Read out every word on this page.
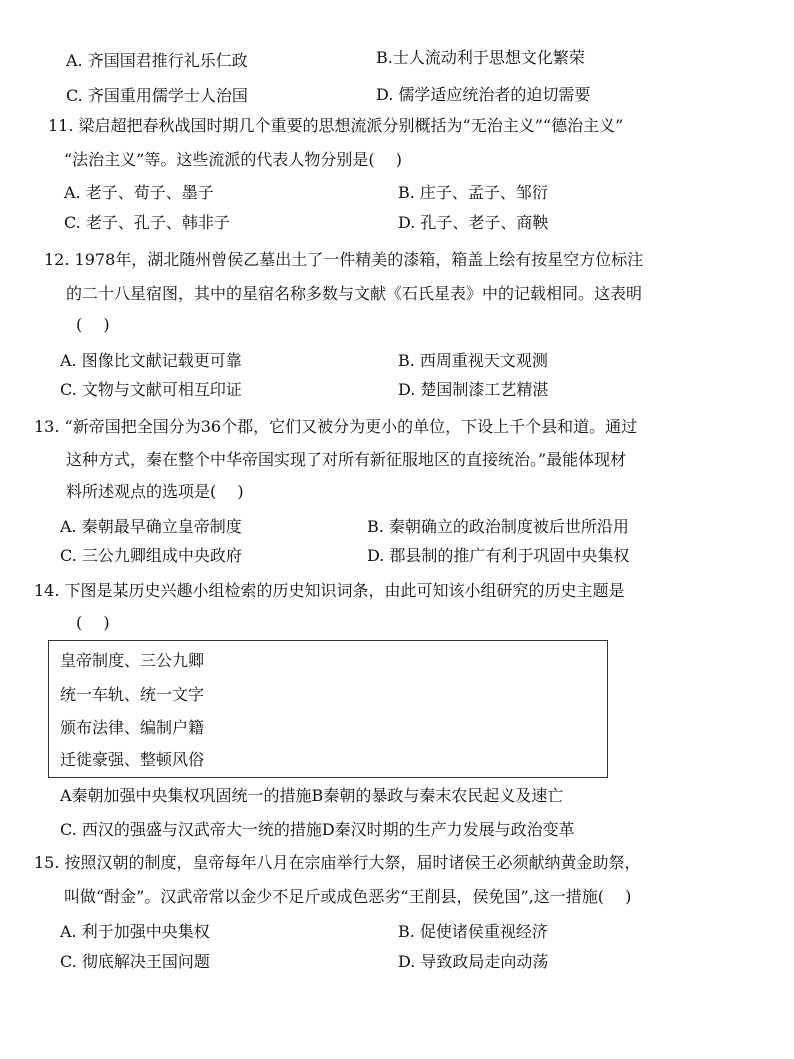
A. 齐国国君推行礼乐仁政	B.士人流动利于思想文化繁荣
C. 齐国重用儒学士人治国	D. 儒学适应统治者的迫切需要
11. 梁启超把春秋战国时期几个重要的思想流派分别概括为“无治主义”“德治主义”
“法治主义”等。这些流派的代表人物分别是(　 )
A. 老子、荀子、墨子	B. 庄子、孟子、邹衍
C. 老子、孔子、韩非子	D. 孔子、老子、商鞅
12. 1978年，湖北随州曾侯乙墓出土了一件精美的漆箱，箱盖上绘有按星空方位标注
的二十八星宿图，其中的星宿名称多数与文献《石氏星表》中的记载相同。这表明
(　 )
A. 图像比文献记载更可靠	B. 西周重视天文观测
C. 文物与文献可相互印证	D. 楚国制漆工艺精湛
13. “新帝国把全国分为36个郡，它们又被分为更小的单位，下设上千个县和道。通过
这种方式，秦在整个中华帝国实现了对所有新征服地区的直接统治。”最能体现材
料所述观点的选项是(　 )
A. 秦朝最早确立皇帝制度	B. 秦朝确立的政治制度被后世所沿用
C. 三公九卿组成中央政府	D. 郡县制的推广有利于巩固中央集权
14. 下图是某历史兴趣小组检索的历史知识词条，由此可知该小组研究的历史主题是
(　 )
皇帝制度、三公九卿
统一车轨、统一文字
颁布法律、编制户籍
迁徙豪强、整顿风俗
A秦朝加强中央集权巩固统一的措施B秦朝的暴政与秦末农民起义及速亡
C. 西汉的强盛与汉武帝大一统的措施D秦汉时期的生产力发展与政治变革
15. 按照汉朝的制度，皇帝每年八月在宗庙举行大祭，届时诸侯王必须献纳黄金助祭，
叫做“酎金”。汉武帝常以金少不足斤或成色恶劣“王削县，侯免国”,这一措施(　 )
A. 利于加强中央集权	B. 促使诸侯重视经济
C. 彻底解决王国问题	D. 导致政局走向动荡
